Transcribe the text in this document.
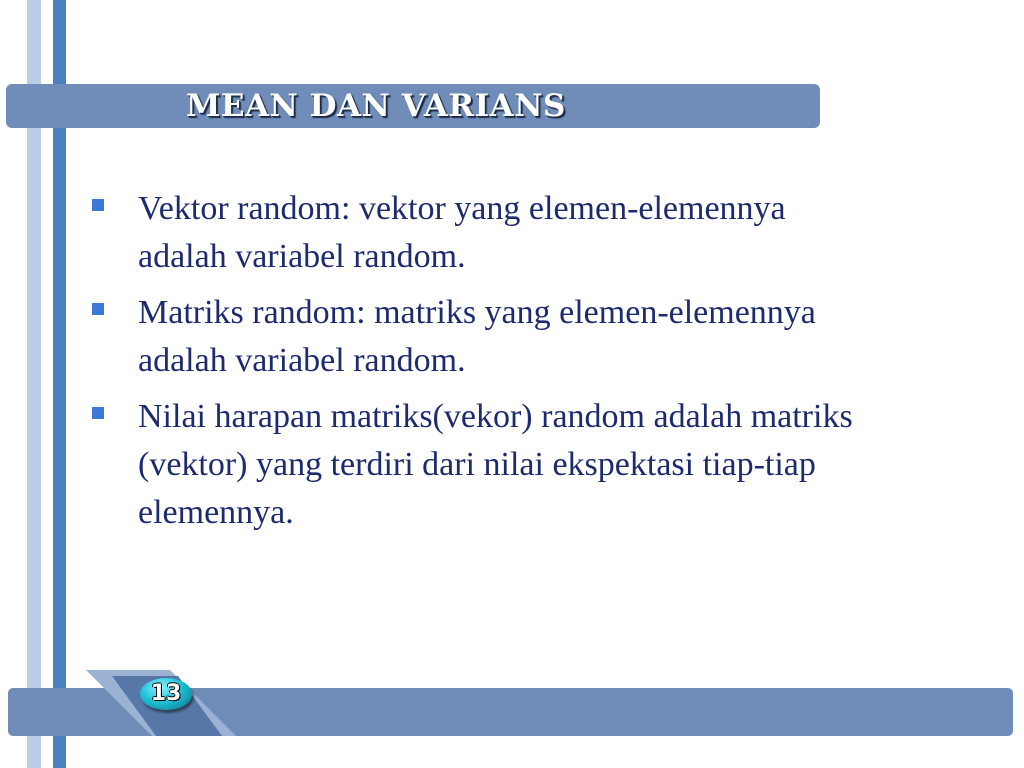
MEAN DAN VARIANS
Vektor random: vektor yang elemen-elemennya adalah variabel random.
Matriks random: matriks yang elemen-elemennya adalah variabel random.
Nilai harapan matriks(vekor) random adalah matriks (vektor) yang terdiri dari nilai ekspektasi tiap-tiap elemennya.
13
